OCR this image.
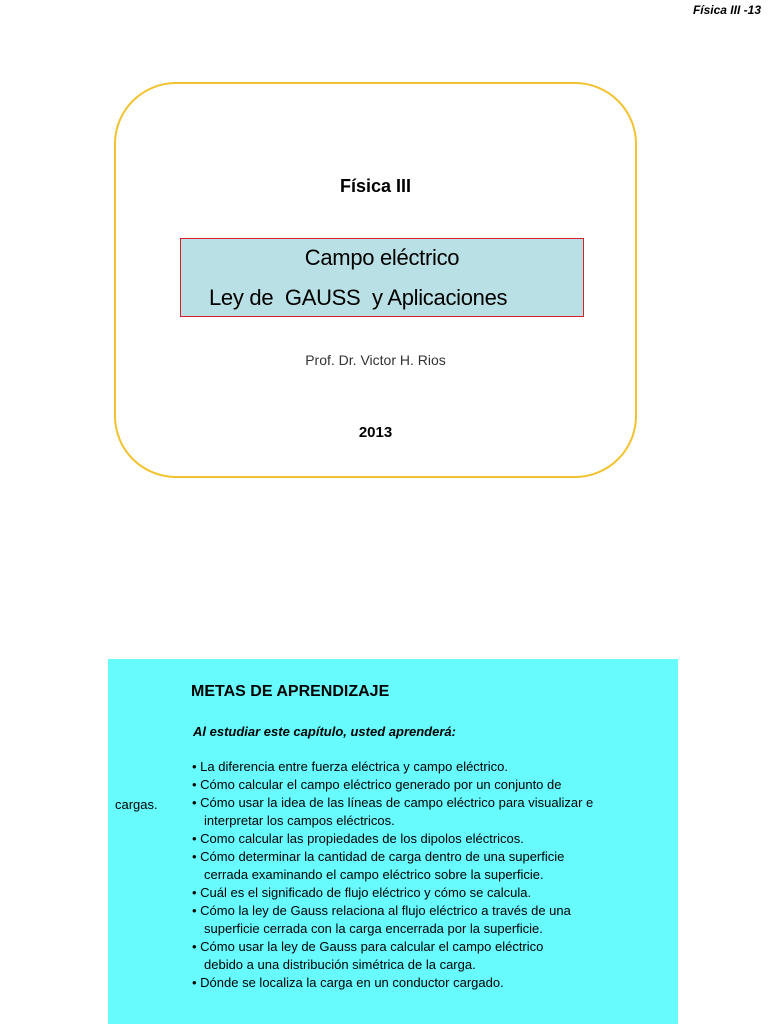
Física III -13
Física III
Campo eléctrico
Ley de  GAUSS  y Aplicaciones
Prof. Dr. Victor H. Rios
2013
METAS DE APRENDIZAJE
Al estudiar este capítulo, usted aprenderá:
• La diferencia entre fuerza eléctrica y campo eléctrico.
• Cómo calcular el campo eléctrico generado por un conjunto de
• Cómo usar la idea de las líneas de campo eléctrico para visualizar e
interpretar los campos eléctricos.
• Como calcular las propiedades de los dipolos eléctricos.
• Cómo determinar la cantidad de carga dentro de una superficie
cerrada examinando el campo eléctrico sobre la superficie.
• Cuál es el significado de flujo eléctrico y cómo se calcula.
• Cómo la ley de Gauss relaciona al flujo eléctrico a través de una
superficie cerrada con la carga encerrada por la superficie.
• Cómo usar la ley de Gauss para calcular el campo eléctrico
debido a una distribución simétrica de la carga.
• Dónde se localiza la carga en un conductor cargado.
cargas.
